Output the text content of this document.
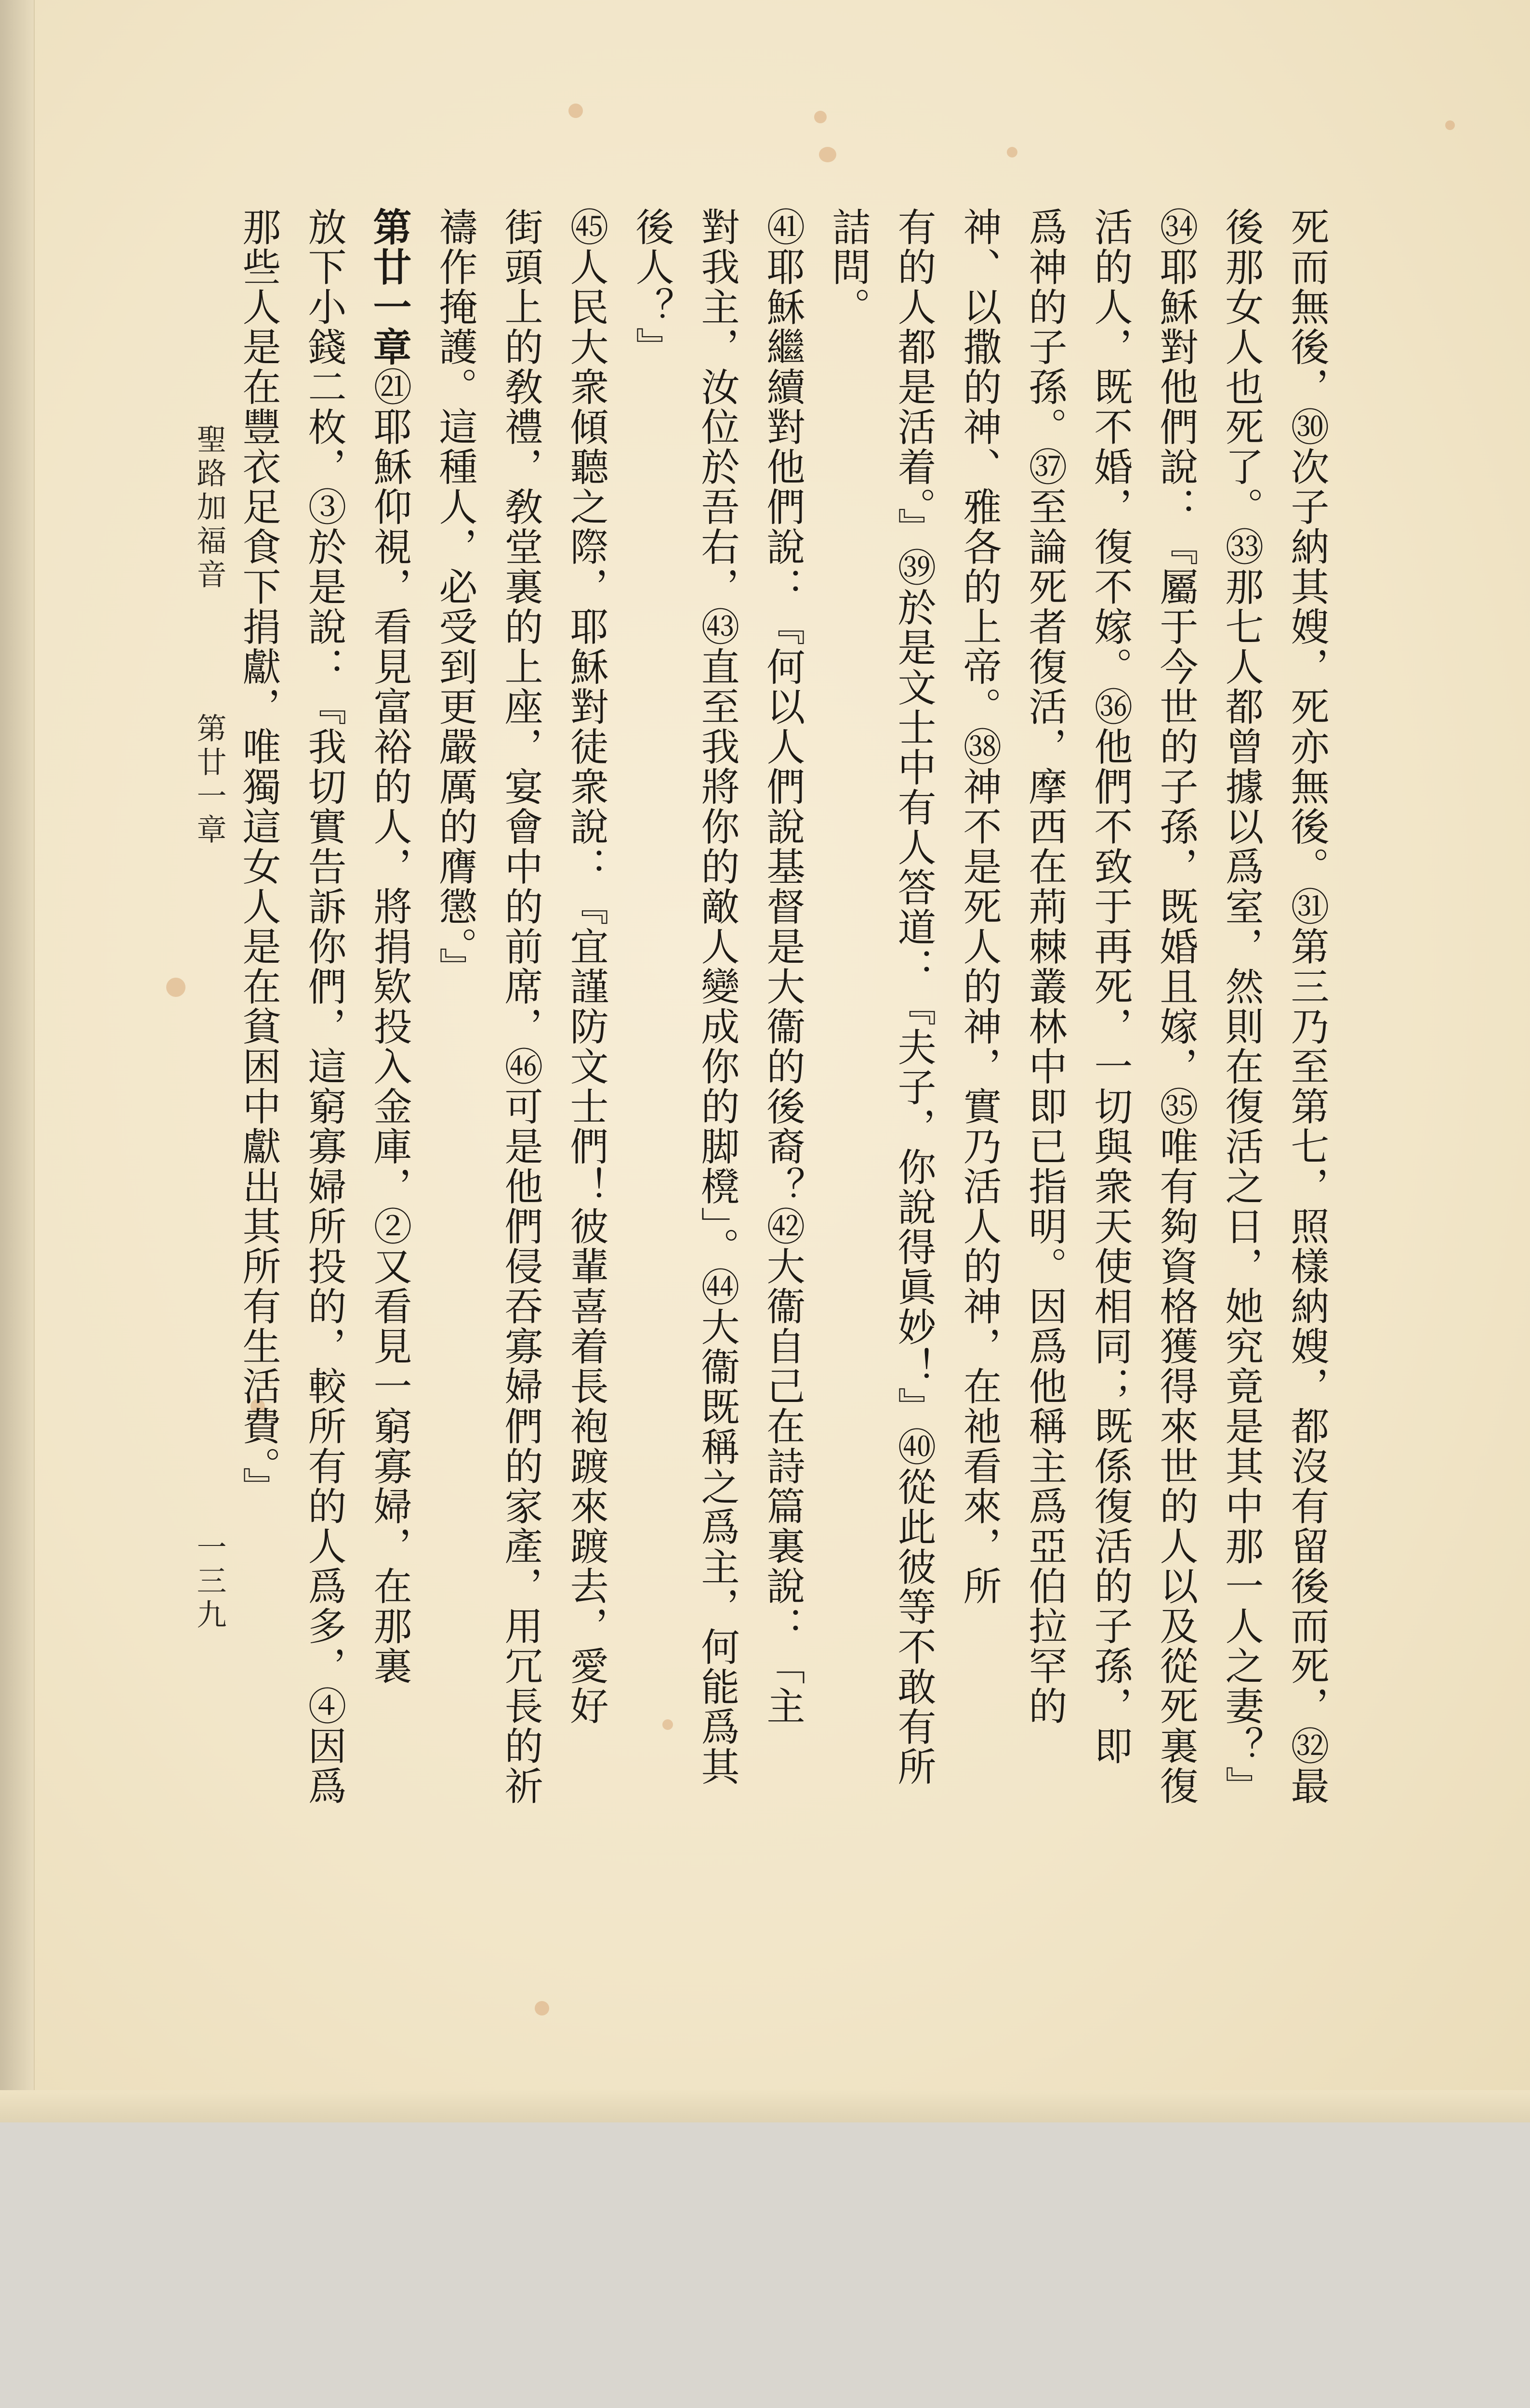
死而無後，㉚次子納其嫂，死亦無後。㉛第三乃至第七，照樣納嫂，都沒有留後而死，㉜最
後那女人也死了。㉝那七人都曾據以爲室，然則在復活之日，她究竟是其中那一人之妻？』
㉞耶穌對他們說：『屬于今世的子孫，既婚且嫁，㉟唯有夠資格獲得來世的人以及從死裏復
活的人，既不婚，復不嫁。㊱他們不致于再死，一切與衆天使相同；既係復活的子孫，即
爲神的子孫。㊲至論死者復活，摩西在荊棘叢林中即已指明。因爲他稱主爲亞伯拉罕的
神、以撒的神、雅各的上帝。㊳神不是死人的神，實乃活人的神，在祂看來，所
有的人都是活着。』㊴於是文士中有人答道：『夫子，你說得眞妙！』㊵從此彼等不敢有所
詰問。
㊶耶穌繼續對他們說：『何以人們說基督是大衞的後裔？㊷大衞自己在詩篇裏說：「主
對我主，汝位於吾右，㊸直至我將你的敵人變成你的脚櫈」。㊹大衞既稱之爲主，何能爲其
後人？』
㊺人民大衆傾聽之際，耶穌對徒衆說：『宜謹防文士們！彼輩喜着長袍踱來踱去，愛好
街頭上的敎禮，敎堂裏的上座，宴會中的前席，㊻可是他們侵吞寡婦們的家產，用冗長的祈
禱作掩護。這種人，必受到更嚴厲的膺懲。』
第廿一章㉑耶穌仰視，看見富裕的人，將捐欵投入金庫，②又看見一窮寡婦，在那裏
放下小錢二枚，③於是說：『我切實告訴你們，這窮寡婦所投的，較所有的人爲多，④因爲
那些人是在豐衣足食下捐獻，唯獨這女人是在貧困中獻出其所有生活費。』
聖路加福音
第廿一章
一三九
